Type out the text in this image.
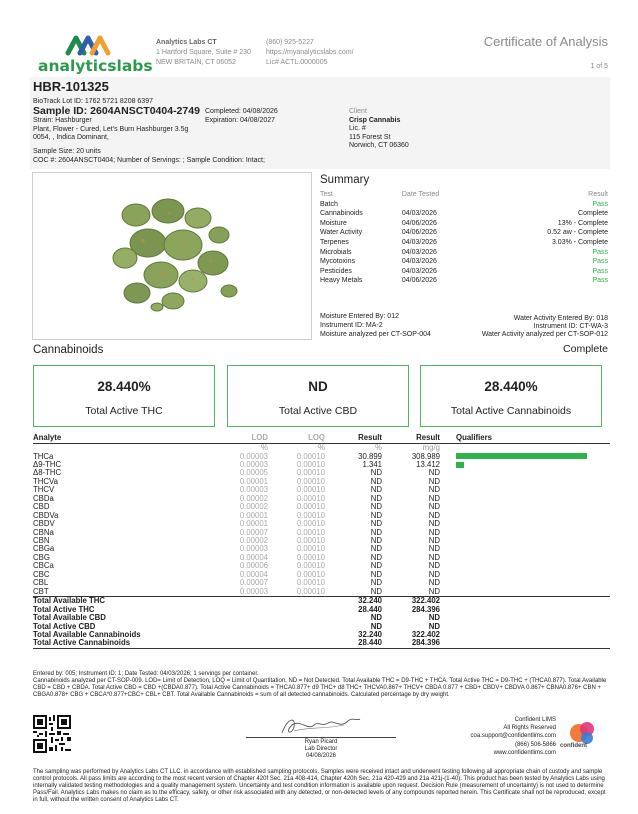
analyticslabs
Analytics Labs CT
1 Hartford Square, Suite # 230
NEW BRITAIN, CT 06052
(860) 925-5227
https://myanalyticslabs.com/
Lic# ACTL.0000005
Certificate of Analysis
1 of 5
HBR-101325
BioTrack Lot ID: 1762 5721 8208 6397
Sample ID: 2604ANSCT0404-2749
Strain: Hashburger
Plant, Flower - Cured, Let's Burn Hashburger 3.5g
0054, , Indica Dominant,
Completed: 04/08/2026
Expiration: 04/08/2027
Client
Crisp Cannabis
Lic. #
115 Forest St
Norwich, CT 06360
Sample Size: 20 units
COC #: 2604ANSCT0404; Number of Servings: ; Sample Condition: Intact;
Summary
Test	Date Tested	Result
Batch		Pass
Cannabinoids	04/03/2026	Complete
Moisture	04/06/2026	13% - Complete
Water Activity	04/06/2026	0.52 aw - Complete
Terpenes	04/03/2026	3.03% - Complete
Microbials	04/03/2026	Pass
Mycotoxins	04/03/2026	Pass
Pesticides	04/03/2026	Pass
Heavy Metals	04/06/2026	Pass
Moisture Entered By: 012
Instrument ID: MA-2
Moisture analyzed per CT-SOP-004
Water Activity Entered By: 018
Instrument ID: CT-WA-3
Water Activity analyzed per CT-SOP-012
Cannabinoids	Complete
28.440%
Total Active THC
ND
Total Active CBD
28.440%
Total Active Cannabinoids
Analyte	LOD	LOQ	Result	Result		Qualifiers
	%	%	%	mg/g		
THCa	0.00003	0.00010	30.899	308.989		
Δ9-THC	0.00003	0.00010	1.341	13.412		
Δ8-THC	0.00005	0.00010	ND	ND		
THCVa	0.00001	0.00010	ND	ND		
THCV	0.00003	0.00010	ND	ND		
CBDa	0.00002	0.00010	ND	ND		
CBD	0.00002	0.00010	ND	ND		
CBDVa	0.00001	0.00010	ND	ND		
CBDV	0.00001	0.00010	ND	ND		
CBNa	0.00007	0.00010	ND	ND		
CBN	0.00002	0.00010	ND	ND		
CBGa	0.00003	0.00010	ND	ND		
CBG	0.00004	0.00010	ND	ND		
CBCa	0.00006	0.00010	ND	ND		
CBC	0.00004	0.00010	ND	ND		
CBL	0.00007	0.00010	ND	ND		
CBT	0.00003	0.00010	ND	ND		
Total Available THC			32.240	322.402		
Total Active THC			28.440	284.396		
Total Available CBD			ND	ND		
Total Active CBD			ND	ND		
Total Available Cannabinoids			32.240	322.402		
Total Active Cannabinoids			28.440	284.396		
Entered by: 005; Instrument ID: 1; Date Tested: 04/03/2026; 1 servings per container.
Cannabinoids analyzed per CT-SOP-009. LOD= Limit of Detection, LOQ = Limit of Quantitation, ND = Not Detected. Total Available THC = D9-THC + THCA. Total Active THC = D9-THC + (THCA0.877). Total Available CBD = CBD + CBDA. Total Active CBD = CBD +(CBDA0.877). Total Active Cannabinoids = THCA0.877+ d9 THC+ d8 THC+ THCVA0.867+ THCV+ CBDA 0.877 + CBD+ CBDV+ CBDVA 0.867+ CBNA0.876+ CBN + CBGA0.878+ CBG + CBCA*0.877+CBC+ CBL+ CBT. Total Available Cannabinoids = sum of all detected cannabinoids. Calculated percentage by dry weight.
Ryan Picard
Lab Director
04/08/2026
Confident LIMS
All Rights Reserved
coa.support@confidentlims.com
(866) 506-5866
www.confidentlims.com
confident
The sampling was performed by Analytics Labs CT LLC. in accordance with established sampling protocols. Samples were received intact and underwent testing following all appropriate chain of custody and sample control protocols. All pass limits are according to the most recent version of Chapter 420f Sec. 21a 408-414, Chapter 420h Sec. 21a 420-429 and 21a 421j-(1-40). This product has been tested by Analytics Labs using internally validated testing methodologies and a quality management system. Uncertainty and test condition information is available upon request. Decision Rule (measurement of uncertainty) is not used to determine Pass/Fail. Analytics Labs makes no claim as to the efficacy, safety, or other risk associated with any detected, or non-detected levels of any compounds reported herein. This Certificate shall not be reproduced, except in full, without the written consent of Analytics Labs CT.
